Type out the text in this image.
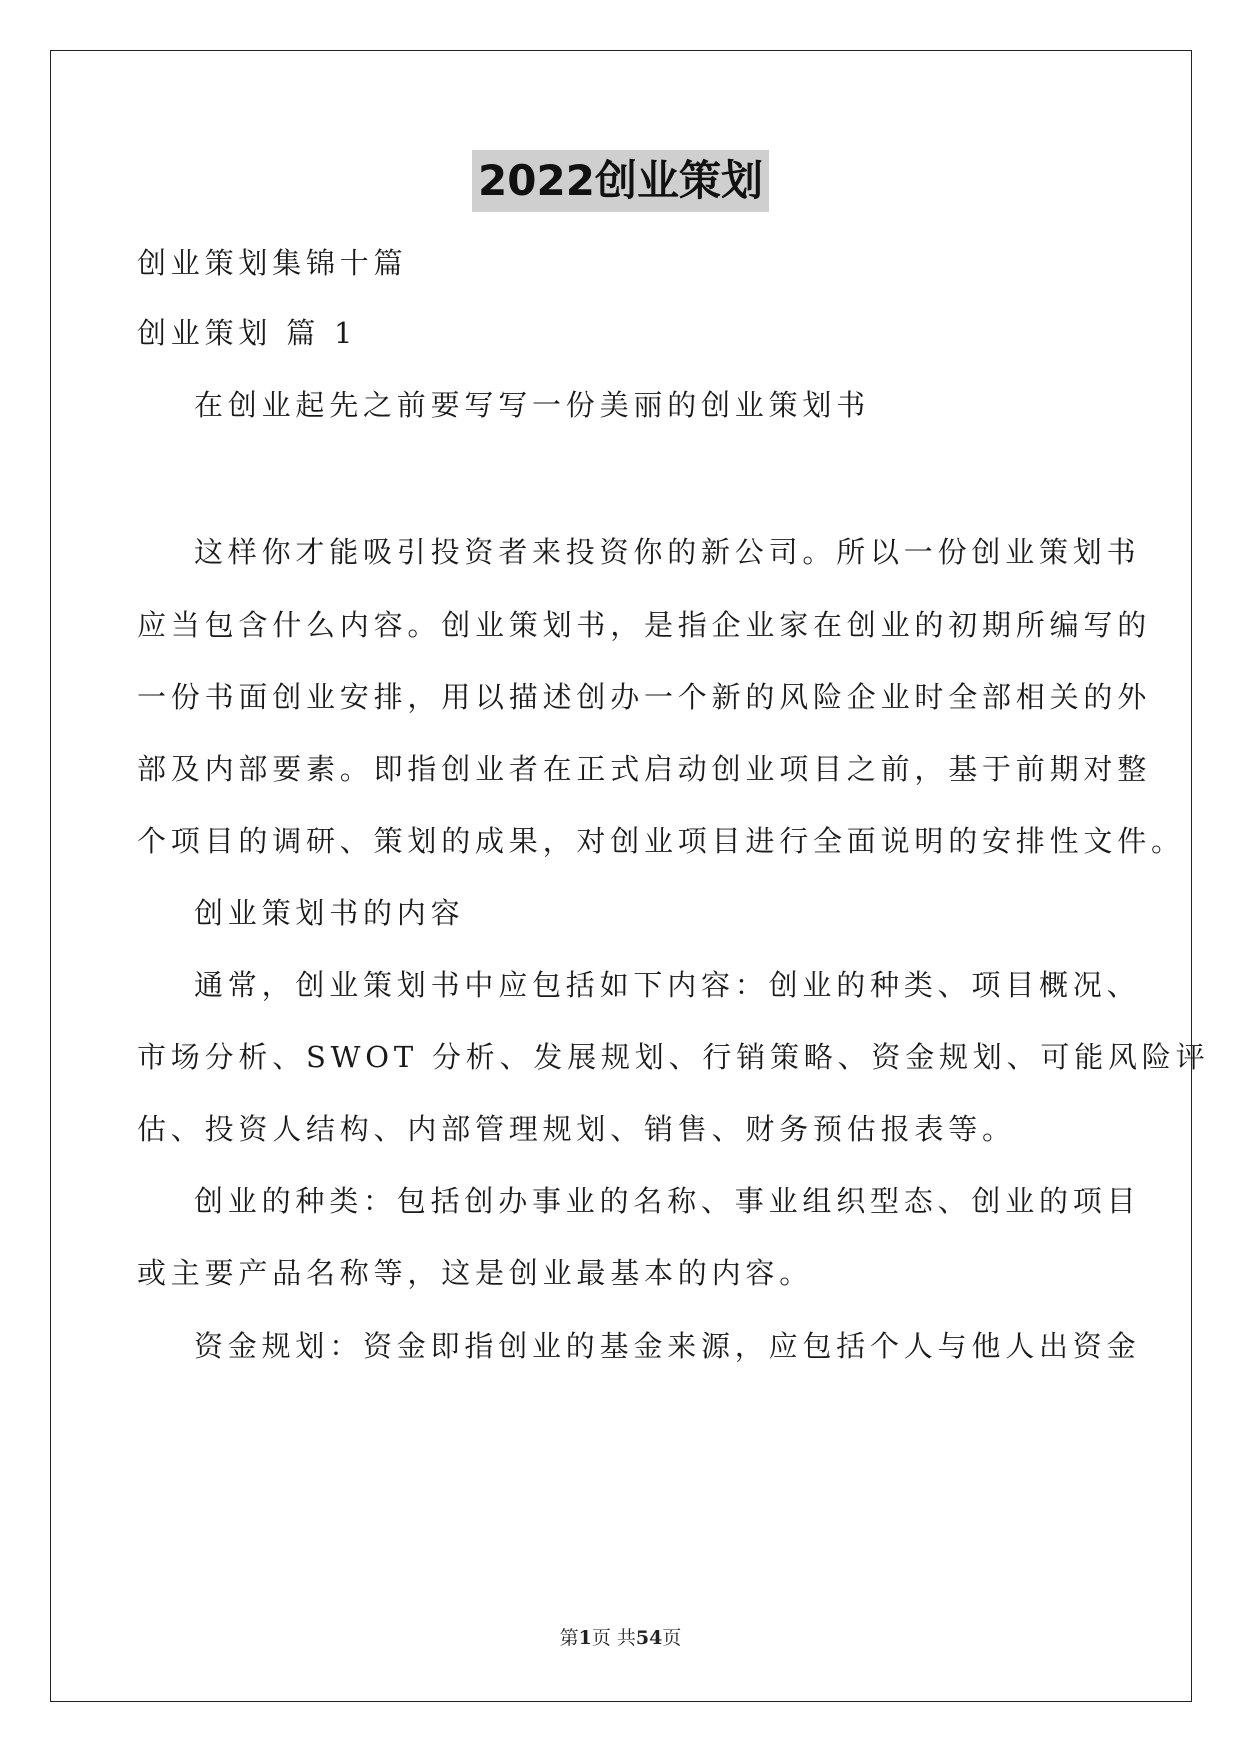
2022创业策划
创业策划集锦十篇
创业策划 篇 1
在创业起先之前要写写一份美丽的创业策划书
这样你才能吸引投资者来投资你的新公司。所以一份创业策划书
应当包含什么内容。创业策划书，是指企业家在创业的初期所编写的
一份书面创业安排，用以描述创办一个新的风险企业时全部相关的外
部及内部要素。即指创业者在正式启动创业项目之前，基于前期对整
个项目的调研、策划的成果，对创业项目进行全面说明的安排性文件。
创业策划书的内容
通常，创业策划书中应包括如下内容：创业的种类、项目概况、
市场分析、SWOT 分析、发展规划、行销策略、资金规划、可能风险评
估、投资人结构、内部管理规划、销售、财务预估报表等。
创业的种类：包括创办事业的名称、事业组织型态、创业的项目
或主要产品名称等，这是创业最基本的内容。
资金规划：资金即指创业的基金来源，应包括个人与他人出资金
第1页 共54页
